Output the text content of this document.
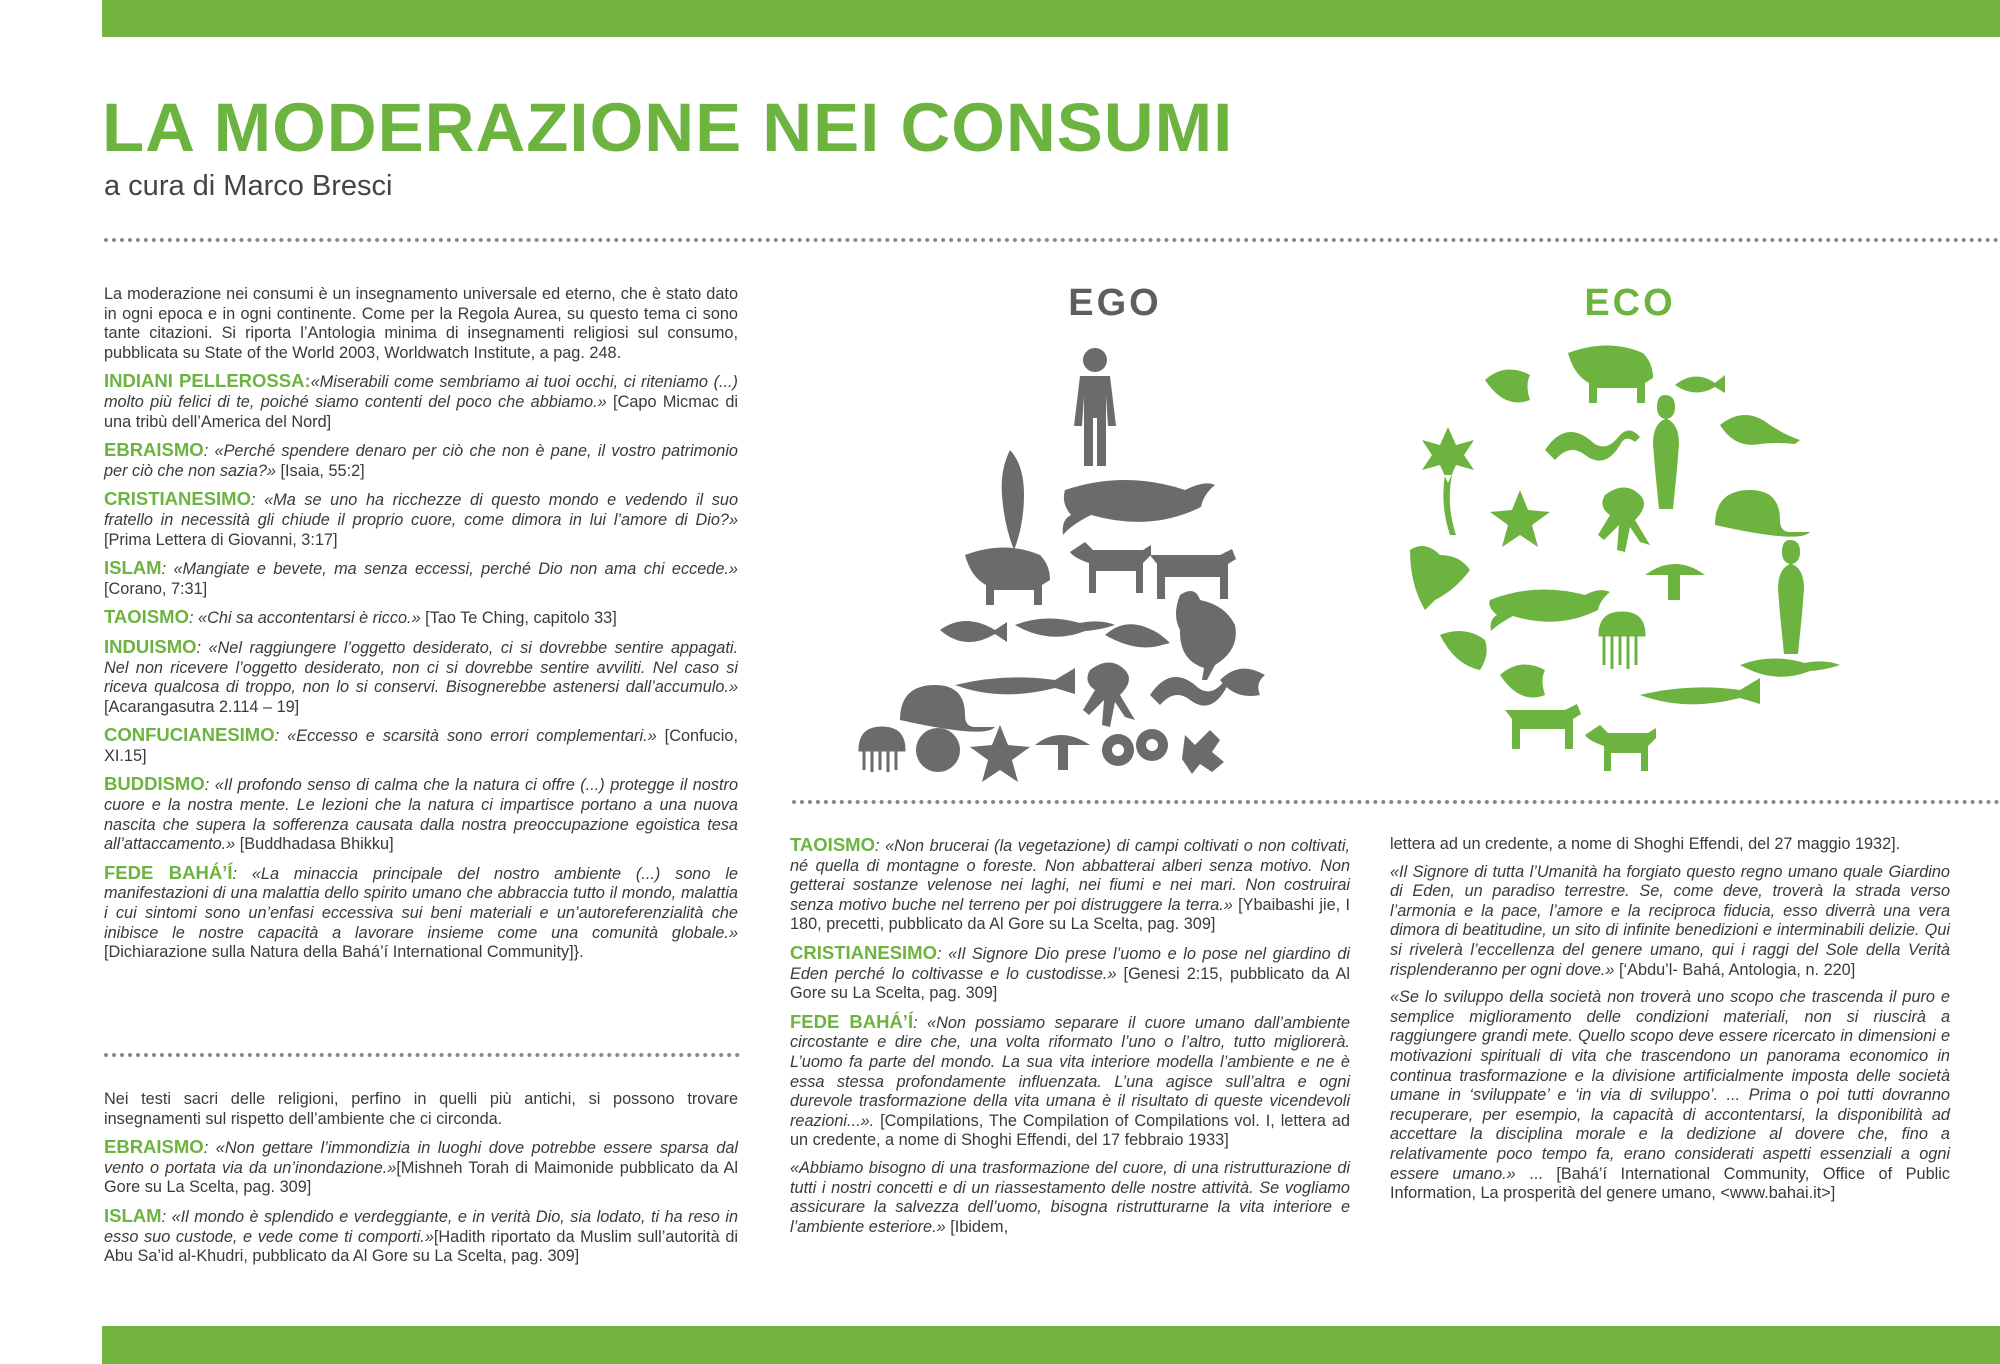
LA MODERAZIONE NEI CONSUMI

a cura di Marco Bresci

La moderazione nei consumi è un insegnamento universale ed eterno, che è stato dato in ogni epoca e in ogni continente. Come per la Regola Aurea, su questo tema ci sono tante citazioni. Si riporta l’Antologia minima di insegnamenti religiosi sul consumo, pubblicata su State of the World 2003, Worldwatch Institute, a pag. 248.

INDIANI PELLEROSSA:«Miserabili come sembriamo ai tuoi occhi, ci riteniamo (...) molto più felici di te, poiché siamo contenti del poco che abbiamo.» [Capo Micmac di una tribù dell’America del Nord]

EBRAISMO: «Perché spendere denaro per ciò che non è pane, il vostro patrimonio per ciò che non sazia?» [Isaia, 55:2]

CRISTIANESIMO: «Ma se uno ha ricchezze di questo mondo e vedendo il suo fratello in necessità gli chiude il proprio cuore, come dimora in lui l’amore di Dio?» [Prima Lettera di Giovanni, 3:17]

ISLAM: «Mangiate e bevete, ma senza eccessi, perché Dio non ama chi eccede.» [Corano, 7:31]

TAOISMO: «Chi sa accontentarsi è ricco.» [Tao Te Ching, capitolo 33]

INDUISMO: «Nel raggiungere l’oggetto desiderato, ci si dovrebbe sentire appagati. Nel non ricevere l’oggetto desiderato, non ci si dovrebbe sentire avviliti. Nel caso si riceva qualcosa di troppo, non lo si conservi. Bisognerebbe astenersi dall’accumulo.» [Acarangasutra 2.114 – 19]

CONFUCIANESIMO: «Eccesso e scarsità sono errori complementari.» [Confucio, XI.15]

BUDDISMO: «Il profondo senso di calma che la natura ci offre (...) protegge il nostro cuore e la nostra mente. Le lezioni che la natura ci impartisce portano a una nuova nascita che supera la sofferenza causata dalla nostra preoccupazione egoistica tesa all’attaccamento.» [Buddhadasa Bhikku]

FEDE BAHÁ’Í: «La minaccia principale del nostro ambiente (...) sono le manifestazioni di una malattia dello spirito umano che abbraccia tutto il mondo, malattia i cui sintomi sono un’enfasi eccessiva sui beni materiali e un’autoreferenzialità che inibisce le nostre capacità a lavorare insieme come una comunità globale.» [Dichiarazione sulla Natura della Bahá’í International Community]}.

Nei testi sacri delle religioni, perfino in quelli più antichi, si possono trovare insegnamenti sul rispetto dell’ambiente che ci circonda.

EBRAISMO: «Non gettare l’immondizia in luoghi dove potrebbe essere sparsa dal vento o portata via da un’inondazione.»[Mishneh Torah di Maimonide pubblicato da Al Gore su La Scelta, pag. 309]

ISLAM: «Il mondo è splendido e verdeggiante, e in verità Dio, sia lodato, ti ha reso in esso suo custode, e vede come ti comporti.»[Hadith riportato da Muslim sull’autorità di Abu Sa’id al-Khudri, pubblicato da Al Gore su La Scelta, pag. 309]

EGO	ECO

TAOISMO: «Non brucerai (la vegetazione) di campi coltivati o non coltivati, né quella di montagne o foreste. Non abbatterai alberi senza motivo. Non getterai sostanze velenose nei laghi, nei fiumi e nei mari. Non costruirai senza motivo buche nel terreno per poi distruggere la terra.» [Ybaibashi jie, I 180, precetti, pubblicato da Al Gore su La Scelta, pag. 309]

CRISTIANESIMO: «Il Signore Dio prese l’uomo e lo pose nel giardino di Eden perché lo coltivasse e lo custodisse.» [Genesi 2:15, pubblicato da Al Gore su La Scelta, pag. 309]

FEDE BAHÁ’Í: «Non possiamo separare il cuore umano dall’ambiente circostante e dire che, una volta riformato l’uno o l’altro, tutto migliorerà. L’uomo fa parte del mondo. La sua vita interiore modella l’ambiente e ne è essa stessa profondamente influenzata. L’una agisce sull’altra e ogni durevole trasformazione della vita umana è il risultato di queste vicendevoli reazioni...». [Compilations, The Compilation of Compilations vol. I, lettera ad un credente, a nome di Shoghi Effendi, del 17 febbraio 1933]

«Abbiamo bisogno di una trasformazione del cuore, di una ristrutturazione di tutti i nostri concetti e di un riassestamento delle nostre attività. Se vogliamo assicurare la salvezza dell’uomo, bisogna ristrutturarne la vita interiore e l’ambiente esteriore.» [Ibidem,

lettera ad un credente, a nome di Shoghi Effendi, del 27 maggio 1932].

«Il Signore di tutta l’Umanità ha forgiato questo regno umano quale Giardino di Eden, un paradiso terrestre. Se, come deve, troverà la strada verso l’armonia e la pace, l’amore e la reciproca fiducia, esso diverrà una vera dimora di beatitudine, un sito di infinite benedizioni e interminabili delizie. Qui si rivelerà l’eccellenza del genere umano, qui i raggi del Sole della Verità risplenderanno per ogni dove.» [‘Abdu’l- Bahá, Antologia, n. 220]

«Se lo sviluppo della società non troverà uno scopo che trascenda il puro e semplice miglioramento delle condizioni materiali, non si riuscirà a raggiungere grandi mete. Quello scopo deve essere ricercato in dimensioni e motivazioni spirituali di vita che trascendono un panorama economico in continua trasformazione e la divisione artificialmente imposta delle società umane in ‘sviluppate’ e ‘in via di sviluppo’. ... Prima o poi tutti dovranno recuperare, per esempio, la capacità di accontentarsi, la disponibilità ad accettare la disciplina morale e la dedizione al dovere che, fino a relativamente poco tempo fa, erano considerati aspetti essenziali a ogni essere umano.» ... [Bahá’í International Community, Office of Public Information, La prosperità del genere umano, <www.bahai.it>]
